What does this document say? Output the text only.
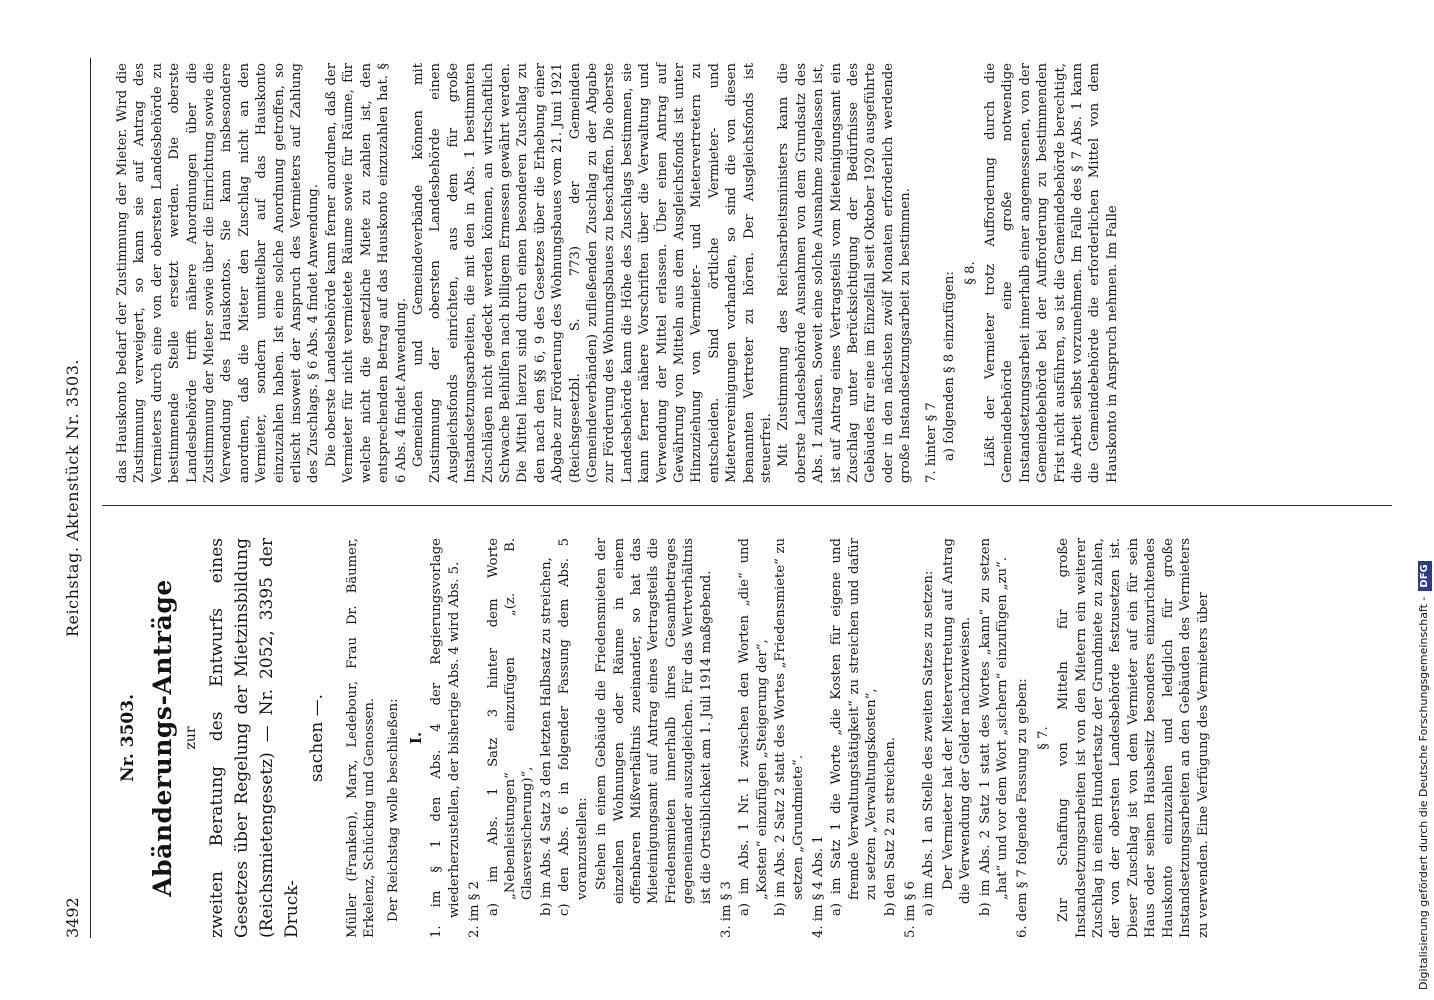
3492
Reichstag. Aktenstück Nr. 3503.
Nr. 3503. Abänderungs-Anträge zur zweiten Beratung des Entwurfs eines Gesetzes über Regelung der Mietzinsbildung (Reichsmietengesetz) — Nr. 2052, 3395 der Druck-
sachen —. Müller (Franken), Marx, Ledebour, Frau Dr. Bäumer, Erkelenz, Schücking und Genossen. Der Reichstag wolle beschließen: I. 1. im § 1 den Abs. 4 der Regierungsvorlage wiederherzustellen, der bisherige Abs. 4 wird Abs. 5. 2. im § 2 a) im Abs. 1 Satz 3 hinter dem Worte „Nebenleistungen“ einzufügen „(z. B. Glasversicherung)“, b) im Abs. 4 Satz 3 den letzten Halbsatz zu streichen, c) den Abs. 6 in folgender Fassung dem Abs. 5 voranzustellen: Stehen in einem Gebäude die Friedensmieten der einzelnen Wohnungen oder Räume in einem offenbaren Mißverhältnis zueinander, so hat das Mieteinigungsamt auf Antrag eines Vertragsteils die Friedensmieten innerhalb ihres Gesamtbetrages gegeneinander auszugleichen. Für das Wertverhältnis ist die Ortsüblichkeit am 1. Juli 1914 maßgebend.
3. im § 3 a) im Abs. 1 Nr. 1 zwischen den Worten „die“ und „Kosten“ einzufügen „Steigerung der“, b) im Abs. 2 Satz 2 statt des Wortes „Friedensmiete“ zu setzen „Grundmiete“. 4. im § 4 Abs. 1 a) im Satz 1 die Worte „die Kosten für eigene und fremde Verwaltungstätigkeit“ zu streichen und dafür zu setzen „Verwaltungskosten“, b) den Satz 2 zu streichen. 5. im § 6 a) im Abs. 1 an Stelle des zweiten Satzes zu setzen: Der Vermieter hat der Mietervertretung auf Antrag die Verwendung der Gelder nachzuweisen. b) im Abs. 2 Satz 1 statt des Wortes „kann“ zu setzen „hat“ und vor dem Wort „sichern“ einzufügen „zu“. 6. dem § 7 folgende Fassung zu geben: § 7. Zur Schaffung von Mitteln für große Instandsetzungsarbeiten ist von den Mietern ein weiterer Zuschlag in einem Hundertsatz der Grundmiete zu zahlen, der von der obersten Landesbehörde festzusetzen ist. Dieser Zuschlag ist von dem Vermieter auf ein für sein Haus oder seinen Hausbesitz besonders einzurichtendes Hauskonto einzuzahlen und lediglich für große Instandsetzungsarbeiten an den Gebäuden des Vermieters zu verwenden. Eine Verfügung des Vermieters über
das Hauskonto bedarf der Zustimmung der Mieter. Wird die Zustimmung verweigert, so kann sie auf Antrag des Vermieters durch eine von der obersten Landesbehörde zu bestimmende Stelle ersetzt werden. Die oberste Landesbehörde trifft nähere Anordnungen über die Zustimmung der Mieter sowie über die Einrichtung sowie die Verwendung des Hauskontos. Sie kann insbesondere anordnen, daß die Mieter den Zuschlag nicht an den Vermieter, sondern unmittelbar auf das Hauskonto einzuzahlen haben. Ist eine solche Anordnung getroffen, so erlischt insoweit der Anspruch des Vermieters auf Zahlung des Zuschlags. § 6 Abs. 4 findet Anwendung. Die oberste Landesbehörde kann ferner anordnen, daß der Vermieter für nicht vermietete Räume sowie für Räume, für welche nicht die gesetzliche Miete zu zahlen ist, den entsprechenden Betrag auf das Hauskonto einzuzahlen hat. § 6 Abs. 4 findet Anwendung. Gemeinden und Gemeindeverbände können mit Zustimmung der obersten Landesbehörde einen Ausgleichsfonds einrichten, aus dem für große Instandsetzungsarbeiten, die mit den in Abs. 1 bestimmten Zuschlägen nicht gedeckt werden können, an wirtschaftlich Schwache Beihilfen nach billigem Ermessen gewährt werden. Die Mittel hierzu sind durch einen besonderen Zuschlag zu den nach den §§ 6, 9 des Gesetzes über die Erhebung einer Abgabe zur Förderung des Wohnungsbaues vom 21. Juni 1921 (Reichsgesetzbl. S. 773) der Gemeinden (Gemeindeverbänden) zufließenden Zuschlag zu der Abgabe zur Förderung des Wohnungsbaues zu beschaffen. Die oberste Landesbehörde kann die Höhe des Zuschlags bestimmen, sie kann ferner nähere Vorschriften über die Verwaltung und Verwendung der Mittel erlassen. Über einen Antrag auf Gewährung von Mitteln aus dem Ausgleichsfonds ist unter Hinzuziehung von Vermieter- und Mietervertretern zu entscheiden. Sind örtliche Vermieter- und Mietervereinigungen vorhanden, so sind die von diesen benannten Vertreter zu hören. Der Ausgleichsfonds ist steuerfrei. Mit Zustimmung des Reichsarbeitsministers kann die oberste Landesbehörde Ausnahmen von dem Grundsatz des Abs. 1 zulassen. Soweit eine solche Ausnahme zugelassen ist, ist auf Antrag eines Vertragsteils vom Mieteinigungsamt ein Zuschlag unter Berücksichtigung der Bedürfnisse des Gebäudes für eine im Einzelfall seit Oktober 1920 ausgeführte oder in den nächsten zwölf Monaten erforderlich werdende große Instandsetzungsarbeit zu bestimmen. 7. hinter § 7 a) folgenden § 8 einzufügen: § 8. Läßt der Vermieter trotz Aufforderung durch die Gemeindebehörde eine große notwendige Instandsetzungsarbeit innerhalb einer angemessenen, von der Gemeindebehörde bei der Aufforderung zu bestimmenden Frist nicht ausführen, so ist die Gemeindebehörde berechtigt, die Arbeit selbst vorzunehmen. Im Falle des § 7 Abs. 1 kann die Gemeindebehörde die erforderlichen Mittel von dem Hauskonto in Anspruch nehmen. Im Falle
Digitalisierung gefördert durch die Deutsche Forschungsgemeinschaft -DFG
